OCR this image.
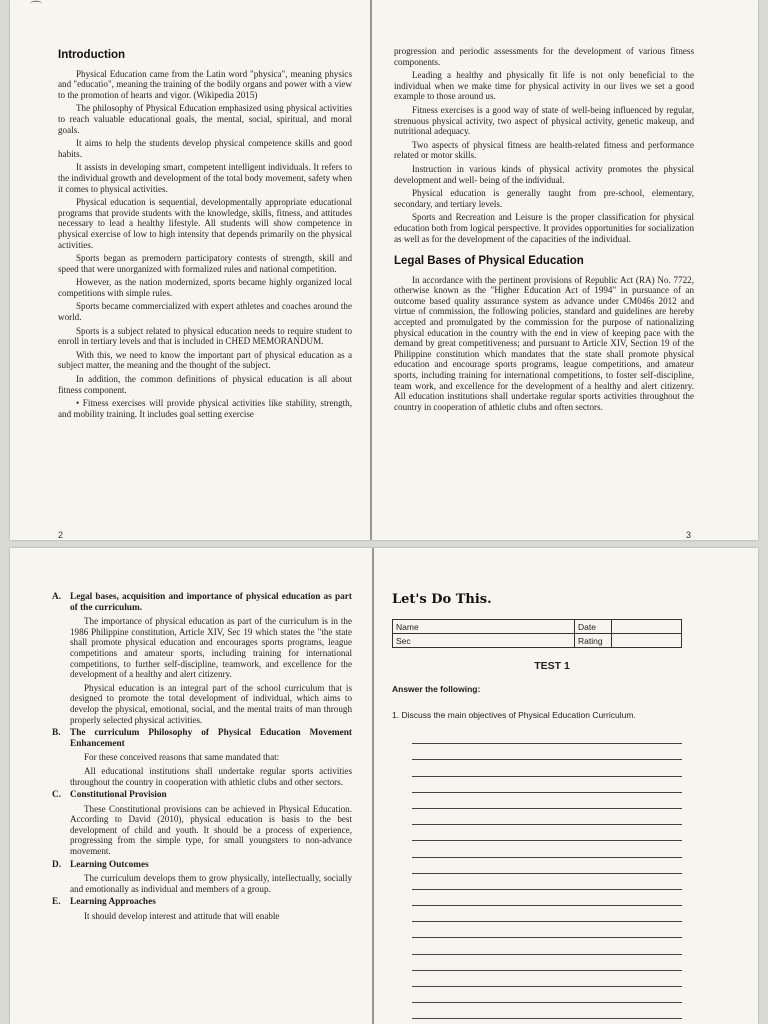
⌒
Introduction

Physical Education came from the Latin word "physica", meaning physics and "educatio", meaning the training of the bodily organs and power with a view to the promotion of hearts and vigor. (Wikipedia 2015)

The philosophy of Physical Education emphasized using physical activities to reach valuable educational goals, the mental, social, spiritual, and moral goals.

It aims to help the students develop physical competence skills and good habits.

It assists in developing smart, competent intelligent individuals. It refers to the individual growth and development of the total body movement, safety when it comes to physical activities.

Physical education is sequential, developmentally appropriate educational programs that provide students with the knowledge, skills, fitness, and attitudes necessary to lead a healthy lifestyle. All students will show competence in physical exercise of low to high intensity that depends primarily on the physical activities.

Sports began as premodern participatory contests of strength, skill and speed that were unorganized with formalized rules and national competition.

However, as the nation modernized, sports became highly organized local competitions with simple rules.

Sports became commercialized with expert athletes and coaches around the world.

Sports is a subject related to physical education needs to require student to enroll in tertiary levels and that is included in CHED MEMORANDUM.

With this, we need to know the important part of physical education as a subject matter, the meaning and the thought of the subject.

In addition, the common definitions of physical education is all about fitness component.

• Fitness exercises will provide physical activities like stability, strength, and mobility training. It includes goal setting exercise

2

progression and periodic assessments for the development of various fitness components.

Leading a healthy and physically fit life is not only beneficial to the individual when we make time for physical activity in our lives we set a good example to those around us.

Fitness exercises is a good way of state of well-being influenced by regular, strenuous physical activity, two aspect of physical activity, genetic makeup, and nutritional adequacy.

Two aspects of physical fitness are health-related fitness and performance related or motor skills.

Instruction in various kinds of physical activity promotes the physical development and well- being of the individual.

Physical education is generally taught from pre-school, elementary, secondary, and tertiary levels.

Sports and Recreation and Leisure is the proper classification for physical education both from logical perspective. It provides opportunities for socialization as well as for the development of the capacities of the individual.

Legal Bases of Physical Education

In accordance with the pertinent provisions of Republic Act (RA) No. 7722, otherwise known as the "Higher Education Act of 1994" in pursuance of an outcome based quality assurance system as advance under CM046s 2012 and virtue of commission, the following policies, standard and guidelines are hereby accepted and promulgated by the commission for the purpose of nationalizing physical education in the country with the end in view of keeping pace with the demand by great competitiveness; and pursuant to Article XIV, Section 19 of the Philippine constitution which mandates that the state shall promote physical education and encourage sports programs, league competitions, and amateur sports, including training for international competitions, to foster self-discipline, team work, and excellence for the development of a healthy and alert citizenry. All education institutions shall undertake regular sports activities throughout the country in cooperation of athletic clubs and often sectors.

3
A. Legal bases, acquisition and importance of physical education as part of the curriculum.

The importance of physical education as part of the curriculum is in the 1986 Philippine constitution, Article XIV, Sec 19 which states the "the state shall promote physical education and encourages sports programs, league competitions and amateur sports, including training for international competitions, to further self-discipline, teamwork, and excellence for the development of a healthy and alert citizenry.

Physical education is an integral part of the school curriculum that is designed to promote the total development of individual, which aims to develop the physical, emotional, social, and the mental traits of man through properly selected physical activities.

B.	The curriculum Philosophy of Physical Education Movement Enhancement

For these conceived reasons that same mandated that:

All educational institutions shall undertake regular sports activities throughout the country in cooperation with athletic clubs and other sectors.

C. Constitutional Provision

These Constitutional provisions can be achieved in Physical Education. According to David (2010), physical education is basis to the best development of child and youth. It should be a process of experience, progressing from the simple type, for small youngsters to non-advance movement.

D. Learning Outcomes

The curriculum develops them to grow physically, intellectually, socially and emotionally as individual and members of a group.

E.	Learning Approaches

It should develop interest and attitude that will enable

Let's Do This.
Name	Date	
Sec	Rating	
TEST 1
Answer the following:
1. Discuss the main objectives of Physical Education Curriculum.
